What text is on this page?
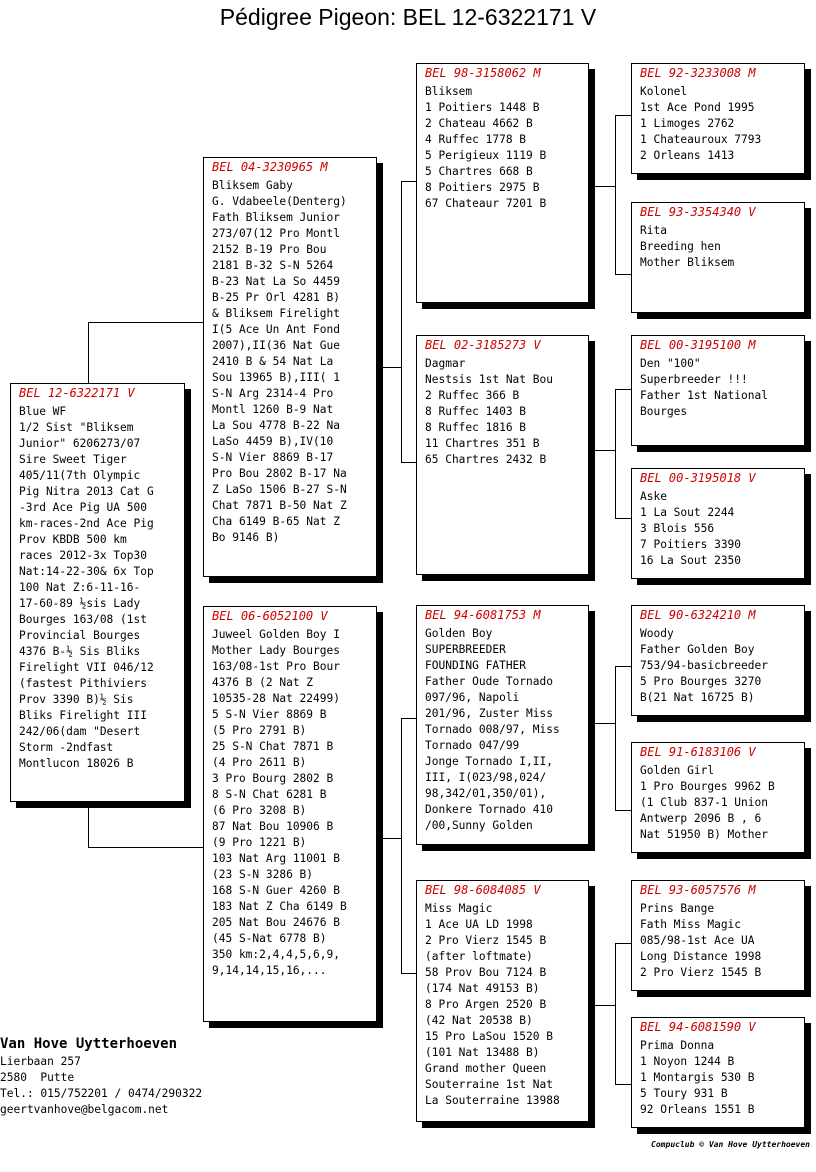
Pédigree Pigeon: BEL 12-6322171 V
BEL 12-6322171 V
Blue WF
1/2 Sist "Bliksem
Junior" 6206273/07
Sire Sweet Tiger
405/11(7th Olympic
Pig Nitra 2013 Cat G
-3rd Ace Pig UA 500
km-races-2nd Ace Pig
Prov KBDB 500 km
races 2012-3x Top30
Nat:14-22-30& 6x Top
100 Nat Z:6-11-16-
17-60-89 ½sis Lady
Bourges 163/08 (1st
Provincial Bourges
4376 B-½ Sis Bliks
Firelight VII 046/12
(fastest Pithiviers
Prov 3390 B)½ Sis
Bliks Firelight III
242/06(dam "Desert
Storm -2ndfast
Montlucon 18026 B
BEL 04-3230965 M
Bliksem Gaby
G. Vdabeele(Denterg)
Fath Bliksem Junior
273/07(12 Pro Montl
2152 B-19 Pro Bou
2181 B-32 S-N 5264
B-23 Nat La So 4459
B-25 Pr Orl 4281 B)
& Bliksem Firelight
I(5 Ace Un Ant Fond
2007),II(36 Nat Gue
2410 B & 54 Nat La
Sou 13965 B),III( 1
S-N Arg 2314-4 Pro
Montl 1260 B-9 Nat
La Sou 4778 B-22 Na
LaSo 4459 B),IV(10
S-N Vier 8869 B-17
Pro Bou 2802 B-17 Na
Z LaSo 1506 B-27 S-N
Chat 7871 B-50 Nat Z
Cha 6149 B-65 Nat Z
Bo 9146 B)
BEL 06-6052100 V
Juweel Golden Boy I
Mother Lady Bourges
163/08-1st Pro Bour
4376 B (2 Nat Z
10535-28 Nat 22499)
5 S-N Vier 8869 B
(5 Pro 2791 B)
25 S-N Chat 7871 B
(4 Pro 2611 B)
3 Pro Bourg 2802 B
8 S-N Chat 6281 B
(6 Pro 3208 B)
87 Nat Bou 10906 B
(9 Pro 1221 B)
103 Nat Arg 11001 B
(23 S-N 3286 B)
168 S-N Guer 4260 B
183 Nat Z Cha 6149 B
205 Nat Bou 24676 B
(45 S-Nat 6778 B)
350 km:2,4,4,5,6,9,
9,14,14,15,16,...
BEL 98-3158062 M
Bliksem
1 Poitiers 1448 B
2 Chateau 4662 B
4 Ruffec 1778 B
5 Perigieux 1119 B
5 Chartres 668 B
8 Poitiers 2975 B
67 Chateaur 7201 B
BEL 02-3185273 V
Dagmar
Nestsis 1st Nat Bou
2 Ruffec 366 B
8 Ruffec 1403 B
8 Ruffec 1816 B
11 Chartres 351 B
65 Chartres 2432 B
BEL 94-6081753 M
Golden Boy
SUPERBREEDER
FOUNDING FATHER
Father Oude Tornado
097/96, Napoli
201/96, Zuster Miss
Tornado 008/97, Miss
Tornado 047/99
Jonge Tornado I,II,
III, I(023/98,024/
98,342/01,350/01),
Donkere Tornado 410
/00,Sunny Golden
BEL 98-6084085 V
Miss Magic
1 Ace UA LD 1998
2 Pro Vierz 1545 B
(after loftmate)
58 Prov Bou 7124 B
(174 Nat 49153 B)
8 Pro Argen 2520 B
(42 Nat 20538 B)
15 Pro LaSou 1520 B
(101 Nat 13488 B)
Grand mother Queen
Souterraine 1st Nat
La Souterraine 13988
BEL 92-3233008 M
Kolonel
1st Ace Pond 1995
1 Limoges 2762
1 Chateauroux 7793
2 Orleans 1413
BEL 93-3354340 V
Rita
Breeding hen
Mother Bliksem
BEL 00-3195100 M
Den "100"
Superbreeder !!!
Father 1st National
Bourges
BEL 00-3195018 V
Aske
1 La Sout 2244
3 Blois 556
7 Poitiers 3390
16 La Sout 2350
BEL 90-6324210 M
Woody
Father Golden Boy
753/94-basicbreeder
5 Pro Bourges 3270
B(21 Nat 16725 B)
BEL 91-6183106 V
Golden Girl
1 Pro Bourges 9962 B
(1 Club 837-1 Union
Antwerp 2096 B , 6
Nat 51950 B) Mother
BEL 93-6057576 M
Prins Bange
Fath Miss Magic
085/98-1st Ace UA
Long Distance 1998
2 Pro Vierz 1545 B
BEL 94-6081590 V
Prima Donna
1 Noyon 1244 B
1 Montargis 530 B
5 Toury 931 B
92 Orleans 1551 B
Van Hove Uytterhoeven
Lierbaan 257
2580  Putte
Tel.: 015/752201 / 0474/290322
geertvanhove@belgacom.net
Compuclub © Van Hove Uytterhoeven
